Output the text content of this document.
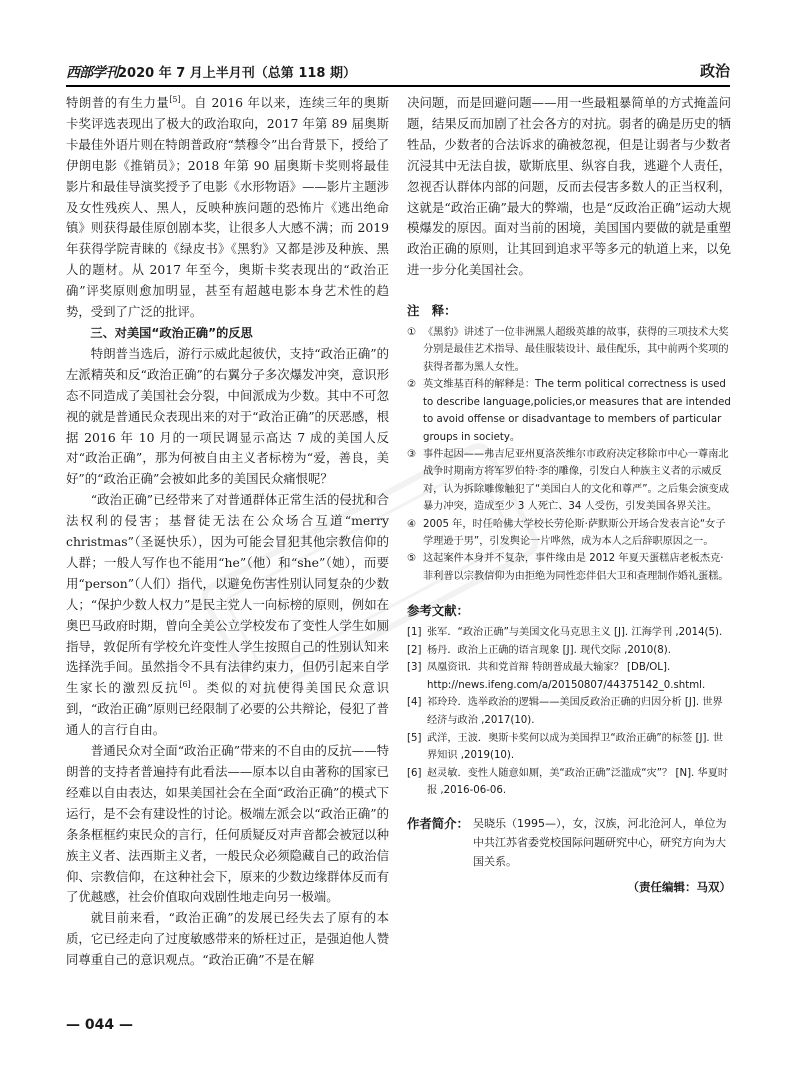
西部学刊2020 年 7 月上半月刊（总第 118 期）	政治

特朗普的有生力量[5]。自 2016 年以来，连续三年的奥斯卡奖评选表现出了极大的政治取向，2017 年第 89 届奥斯卡最佳外语片则在特朗普政府“禁穆令”出台背景下，授给了伊朗电影《推销员》；2018 年第 90 届奥斯卡奖则将最佳影片和最佳导演奖授予了电影《水形物语》——影片主题涉及女性残疾人、黑人，反映种族问题的恐怖片《逃出绝命镇》则获得最佳原创剧本奖，让很多人大感不满；而 2019 年获得学院青睐的《绿皮书》《黑豹》又都是涉及种族、黑人的题材。从 2017 年至今，奥斯卡奖表现出的“政治正确”评奖原则愈加明显，甚至有超越电影本身艺术性的趋势，受到了广泛的批评。

三、对美国“政治正确”的反思

特朗普当选后，游行示威此起彼伏，支持“政治正确”的左派精英和反“政治正确”的右翼分子多次爆发冲突，意识形态不同造成了美国社会分裂，中间派成为少数。其中不可忽视的就是普通民众表现出来的对于“政治正确”的厌恶感，根据 2016 年 10 月的一项民调显示高达 7 成的美国人反对“政治正确”，那为何被自由主义者标榜为“爱，善良，美好”的“政治正确”会被如此多的美国民众痛恨呢？

“政治正确”已经带来了对普通群体正常生活的侵扰和合法权利的侵害；基督徒无法在公众场合互道“merry christmas”（圣诞快乐），因为可能会冒犯其他宗教信仰的人群；一般人写作也不能用“he”（他）和“she”（她），而要用“person”（人们）指代，以避免伤害性别认同复杂的少数人；“保护少数人权力”是民主党人一向标榜的原则，例如在奥巴马政府时期，曾向全美公立学校发布了变性人学生如厕指导，敦促所有学校允许变性人学生按照自己的性别认知来选择洗手间。虽然指令不具有法律约束力，但仍引起来自学生家长的激烈反抗[6]。类似的对抗使得美国民众意识到，“政治正确”原则已经限制了必要的公共辩论，侵犯了普通人的言行自由。

普通民众对全面“政治正确”带来的不自由的反抗——特朗普的支持者普遍持有此看法——原本以自由著称的国家已经难以自由表达，如果美国社会在全面“政治正确”的模式下运行，是不会有建设性的讨论。极端左派会以“政治正确”的条条框框约束民众的言行，任何质疑反对声音都会被冠以种族主义者、法西斯主义者，一般民众必须隐藏自己的政治信仰、宗教信仰，在这种社会下，原来的少数边缘群体反而有了优越感，社会价值取向戏剧性地走向另一极端。

就目前来看，“政治正确”的发展已经失去了原有的本质，它已经走向了过度敏感带来的矫枉过正，是强迫他人赞同尊重自己的意识观点。“政治正确”不是在解

决问题，而是回避问题——用一些最粗暴简单的方式掩盖问题，结果反而加剧了社会各方的对抗。弱者的确是历史的牺牲品，少数者的合法诉求的确被忽视，但是让弱者与少数者沉浸其中无法自拔，歇斯底里、纵容自我，逃避个人责任，忽视否认群体内部的问题，反而去侵害多数人的正当权利，这就是“政治正确”最大的弊端，也是“反政治正确”运动大规模爆发的原因。面对当前的困境，美国国内要做的就是重塑政治正确的原则，让其回到追求平等多元的轨道上来，以免进一步分化美国社会。

注　释：

① 《黑豹》讲述了一位非洲黑人超级英雄的故事，获得的三项技术大奖分别是最佳艺术指导、最佳服装设计、最佳配乐，其中前两个奖项的获得者都为黑人女性。

② 英文维基百科的解释是：The term political correctness is used to describe language,policies,or measures that are intended to avoid offense or disadvantage to members of particular groups in society。

③ 事件起因——弗吉尼亚州夏洛茨维尔市政府决定移除市中心一尊南北战争时期南方将军罗伯特·李的雕像，引发白人种族主义者的示威反对，认为拆除雕像触犯了“美国白人的文化和尊严”。之后集会演变成暴力冲突，造成至少 3 人死亡、34 人受伤，引发美国各界关注。

④ 2005 年，时任哈佛大学校长劳伦斯·萨默斯公开场合发表言论“女子学理逊于男”，引发舆论一片哗然，成为本人之后辞职原因之一。

⑤ 这起案件本身并不复杂，事件缘由是 2012 年夏天蛋糕店老板杰克·菲利普以宗教信仰为由拒绝为同性恋伴侣大卫和查理制作婚礼蛋糕。

参考文献：

[1] 张军．“政治正确”与美国文化马克思主义 [J]. 江海学刊 ,2014(5).

[2] 杨丹．政治上正确的语言现象 [J]. 现代交际 ,2010(8).

[3] 凤凰资讯．共和党首辩 特朗普成最大输家？ [DB/OL]. http://news.ifeng.com/a/20150807/44375142_0.shtml.

[4] 祁玲玲．选举政治的逻辑——美国反政治正确的归因分析 [J]. 世界经济与政治 ,2017(10).

[5] 武洋，王波．奥斯卡奖何以成为美国捍卫“政治正确”的标签 [J]. 世界知识 ,2019(10).

[6] 赵灵敏．变性人随意如厕，美“政治正确”泛滥成“灾”？ [N]. 华夏时报 ,2016-06-06.

作者简介： 吴晓乐（1995—），女，汉族，河北沧河人，单位为中共江苏省委党校国际问题研究中心，研究方向为大国关系。
（责任编辑：马双）
— 044 —
